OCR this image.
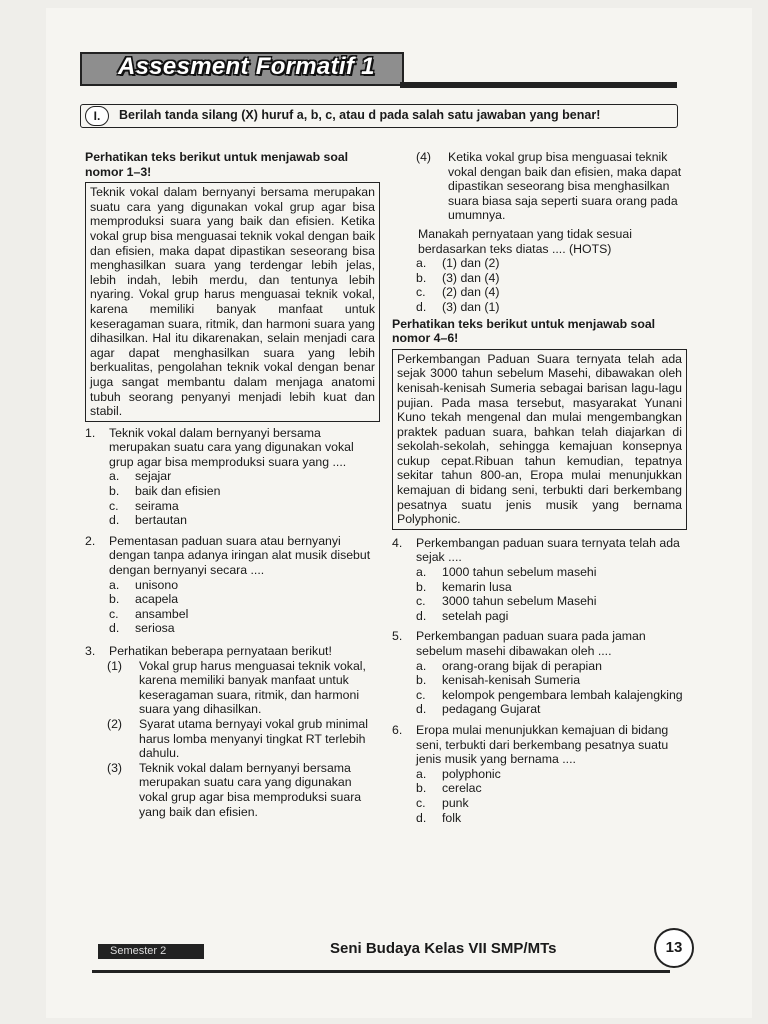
Assesment Formatif 1
I.	Berilah tanda silang (X) huruf a, b, c, atau d pada salah satu jawaban yang benar!
Perhatikan teks berikut untuk menjawab soal nomor 1–3!
Teknik vokal dalam bernyanyi bersama merupakan suatu cara yang digunakan vokal grup agar bisa memproduksi suara yang baik dan efisien. Ketika vokal grup bisa menguasai teknik vokal dengan baik dan efisien, maka dapat dipastikan seseorang bisa menghasilkan suara yang terdengar lebih jelas, lebih indah, lebih merdu, dan tentunya lebih nyaring. Vokal grup harus menguasai teknik vokal, karena memiliki banyak manfaat untuk keseragaman suara, ritmik, dan harmoni suara yang dihasilkan. Hal itu dikarenakan, selain menjadi cara agar dapat menghasilkan suara yang lebih berkualitas, pengolahan teknik vokal dengan benar juga sangat membantu dalam menjaga anatomi tubuh seorang penyanyi menjadi lebih kuat dan stabil.
1.	Teknik vokal dalam bernyanyi bersama merupakan suatu cara yang digunakan vokal grup agar bisa memproduksi suara yang ....
a.	sejajar
b.	baik dan efisien
c.	seirama
d.	bertautan
2.	Pementasan paduan suara atau bernyanyi dengan tanpa adanya iringan alat musik disebut dengan bernyanyi secara ....
a.	unisono
b.	acapela
c.	ansambel
d.	seriosa
3.	Perhatikan beberapa pernyataan berikut!
(1)	Vokal grup harus menguasai teknik vokal, karena memiliki banyak manfaat untuk keseragaman suara, ritmik, dan harmoni suara yang dihasilkan.
(2)	Syarat utama bernyayi vokal grub minimal harus lomba menyanyi tingkat RT terlebih dahulu.
(3)	Teknik vokal dalam bernyanyi bersama merupakan suatu cara yang digunakan vokal grup agar bisa memproduksi suara yang baik dan efisien.
(4)	Ketika vokal grup bisa menguasai teknik vokal dengan baik dan efisien, maka dapat dipastikan seseorang bisa menghasilkan suara biasa saja seperti suara orang pada umumnya.
Manakah pernyataan yang tidak sesuai berdasarkan teks diatas .... (HOTS)
a.	(1) dan (2)
b.	(3) dan (4)
c.	(2) dan (4)
d.	(3) dan (1)
Perhatikan teks berikut untuk menjawab soal nomor 4–6!
Perkembangan Paduan Suara ternyata telah ada sejak 3000 tahun sebelum Masehi, dibawakan oleh kenisah-kenisah Sumeria sebagai barisan lagu-lagu pujian. Pada masa tersebut, masyarakat Yunani Kuno tekah mengenal dan mulai mengembangkan praktek paduan suara, bahkan telah diajarkan di sekolah-sekolah, sehingga kemajuan konsepnya cukup cepat.Ribuan tahun kemudian, tepatnya sekitar tahun 800-an, Eropa mulai menunjukkan kemajuan di bidang seni, terbukti dari berkembang pesatnya suatu jenis musik yang bernama Polyphonic.
4.	Perkembangan paduan suara ternyata telah ada sejak ....
a.	1000 tahun sebelum masehi
b.	kemarin lusa
c.	3000 tahun sebelum Masehi
d.	setelah pagi
5.	Perkembangan paduan suara pada jaman sebelum masehi dibawakan oleh ....
a.	orang-orang bijak di perapian
b.	kenisah-kenisah Sumeria
c.	kelompok pengembara lembah kalajengking
d.	pedagang Gujarat
6.	Eropa mulai menunjukkan kemajuan di bidang seni, terbukti dari berkembang pesatnya suatu jenis musik yang bernama ....
a.	polyphonic
b.	cerelac
c.	punk
d.	folk
Semester 2	Seni Budaya Kelas VII SMP/MTs	13
